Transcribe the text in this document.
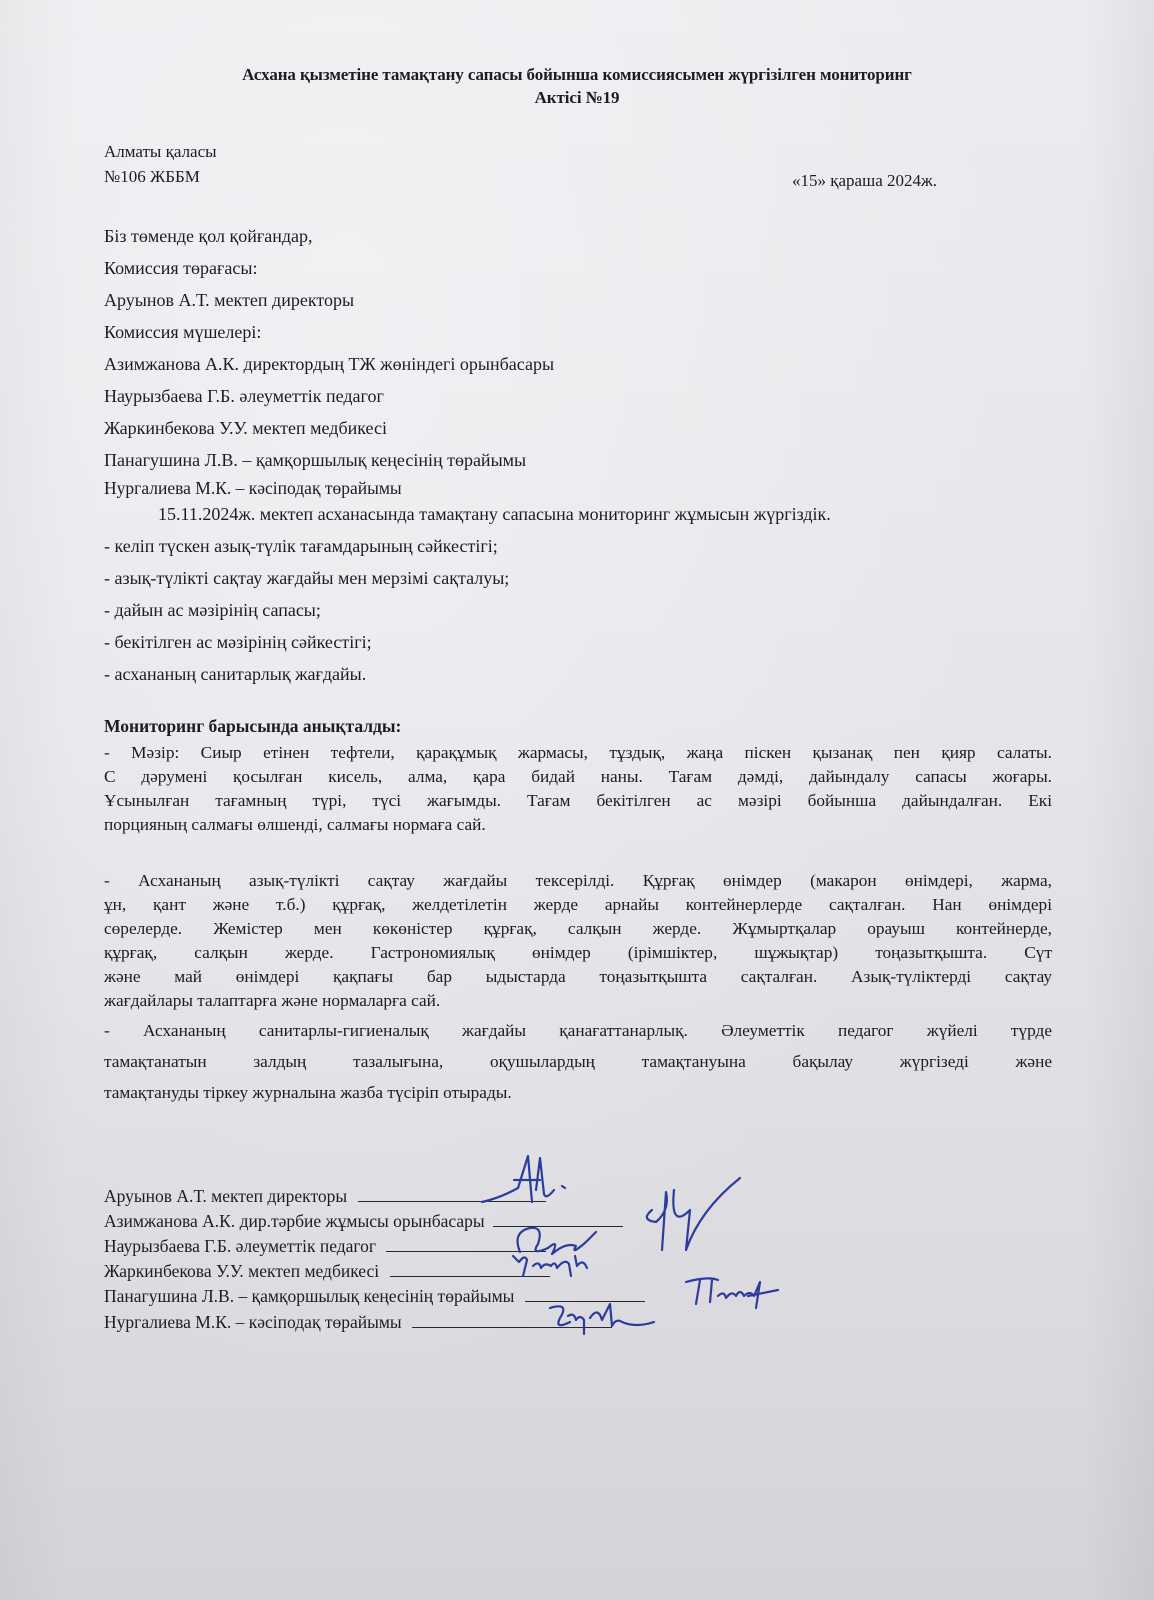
Асхана қызметіне тамақтану сапасы бойынша комиссиясымен жүргізілген мониторинг
Актісі №19
Алматы қаласы
№106 ЖББМ	«15» қараша 2024ж.
Біз төменде қол қойғандар,
Комиссия төрағасы:
Аруынов А.Т. мектеп директоры
Комиссия мүшелері:
Азимжанова А.К. директордың ТЖ жөніндегі орынбасары
Наурызбаева Г.Б. әлеуметтік педагог
Жаркинбекова У.У. мектеп медбикесі
Панагушина Л.В. – қамқоршылық кеңесінің төрайымы
Нургалиева М.К. – кәсіподақ төрайымы
15.11.2024ж. мектеп асханасында тамақтану сапасына мониторинг жұмысын жүргіздік.
- келіп түскен азық-түлік тағамдарының сәйкестігі;
- азық-түлікті сақтау жағдайы мен мерзімі сақталуы;
- дайын ас мәзірінің сапасы;
- бекітілген ас мәзірінің сәйкестігі;
- асхананың санитарлық жағдайы.
Мониторинг барысында анықталды:
- Мәзір: Сиыр етінен тефтели, қарақұмық жармасы, тұздық, жаңа піскен қызанақ пен қияр салаты.
С дәрумені қосылған кисель, алма, қара бидай наны. Тағам дәмді, дайындалу сапасы жоғары.
Ұсынылған тағамның түрі, түсі жағымды. Тағам бекітілген ас мәзірі бойынша дайындалған. Екі
порцияның салмағы өлшенді, салмағы нормаға сай.
- Асхананың азық-түлікті сақтау жағдайы тексерілді. Құрғақ өнімдер (макарон өнімдері, жарма,
ұн, қант және т.б.) құрғақ, желдетілетін жерде арнайы контейнерлерде сақталған. Нан өнімдері
сөрелерде. Жемістер мен көкөністер құрғақ, салқын жерде. Жұмыртқалар орауыш контейнерде,
құрғақ, салқын жерде. Гастрономиялық өнімдер (ірімшіктер, шұжықтар) тоңазытқышта. Сүт
және май өнімдері қақпағы бар ыдыстарда тоңазытқышта сақталған. Азық-түліктерді сақтау
жағдайлары талаптарға және нормаларға сай.
- Асхананың санитарлы-гигиеналық жағдайы қанағаттанарлық. Әлеуметтік педагог жүйелі түрде
тамақтанатын залдың тазалығына, оқушылардың тамақтануына бақылау жүргізеді және
тамақтануды тіркеу журналына жазба түсіріп отырады.
Аруынов А.Т. мектеп директоры
Азимжанова А.К. дир.тәрбие жұмысы орынбасары
Наурызбаева Г.Б. әлеуметтік педагог
Жаркинбекова У.У. мектеп медбикесі
Панагушина Л.В. – қамқоршылық кеңесінің төрайымы
Нургалиева М.К. – кәсіподақ төрайымы
